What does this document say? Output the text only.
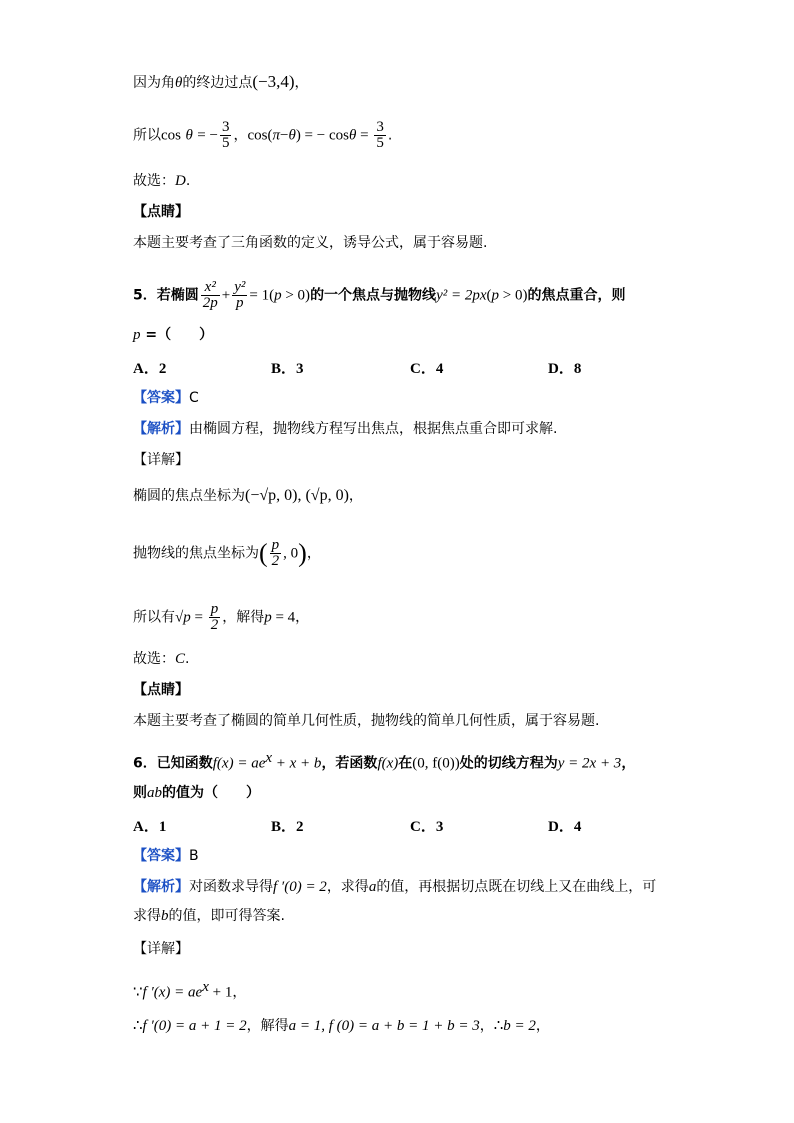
因为角θ的终边过点(−3,4)，
所以cos θ = − $\frac{3}{5}$ ，cos(π−θ) = − $\cos\theta = \frac{3}{5}$ .
故选：D.
【点睛】
本题主要考查了三角函数的定义，诱导公式，属于容易题.
5．若椭圆 $\frac{\text{x²}}{2p} + \frac{\text{y²}}{p} = 1(p > 0)$的一个焦点与抛物线y² = 2px(p > 0)的焦点重合，则
p =（　　）
A．2	B．3	C．4	D．8
【答案】C
【解析】由椭圆方程，抛物线方程写出焦点，根据焦点重合即可求解.
【详解】
椭圆的焦点坐标为(−√p, 0), (√p, 0)，
抛物线的焦点坐标为( $\frac{p}{2}$ , 0)，
所以有$√p = \frac{p}{2}$ ，解得p = 4，
故选：C.
【点睛】
本题主要考查了椭圆的简单几何性质，抛物线的简单几何性质，属于容易题.
6．已知函数$f(x) = ae^x + x + b$，若函数f(x)在(0, f(0))处的切线方程为y = 2x + 3，
则ab的值为（　　）
A．1	B．2	C．3	D．4
【答案】B
【解析】对函数求导得f ′(0) = 2，求得a的值，再根据切点既在切线上又在曲线上，可
求得b的值，即可得答案.
【详解】
∵f $'(x) = ae^x + 1$，
∴f ′(0) = a + 1 = 2，解得a = 1, f (0) = a + b = 1 + b = 3，∴b = 2，
